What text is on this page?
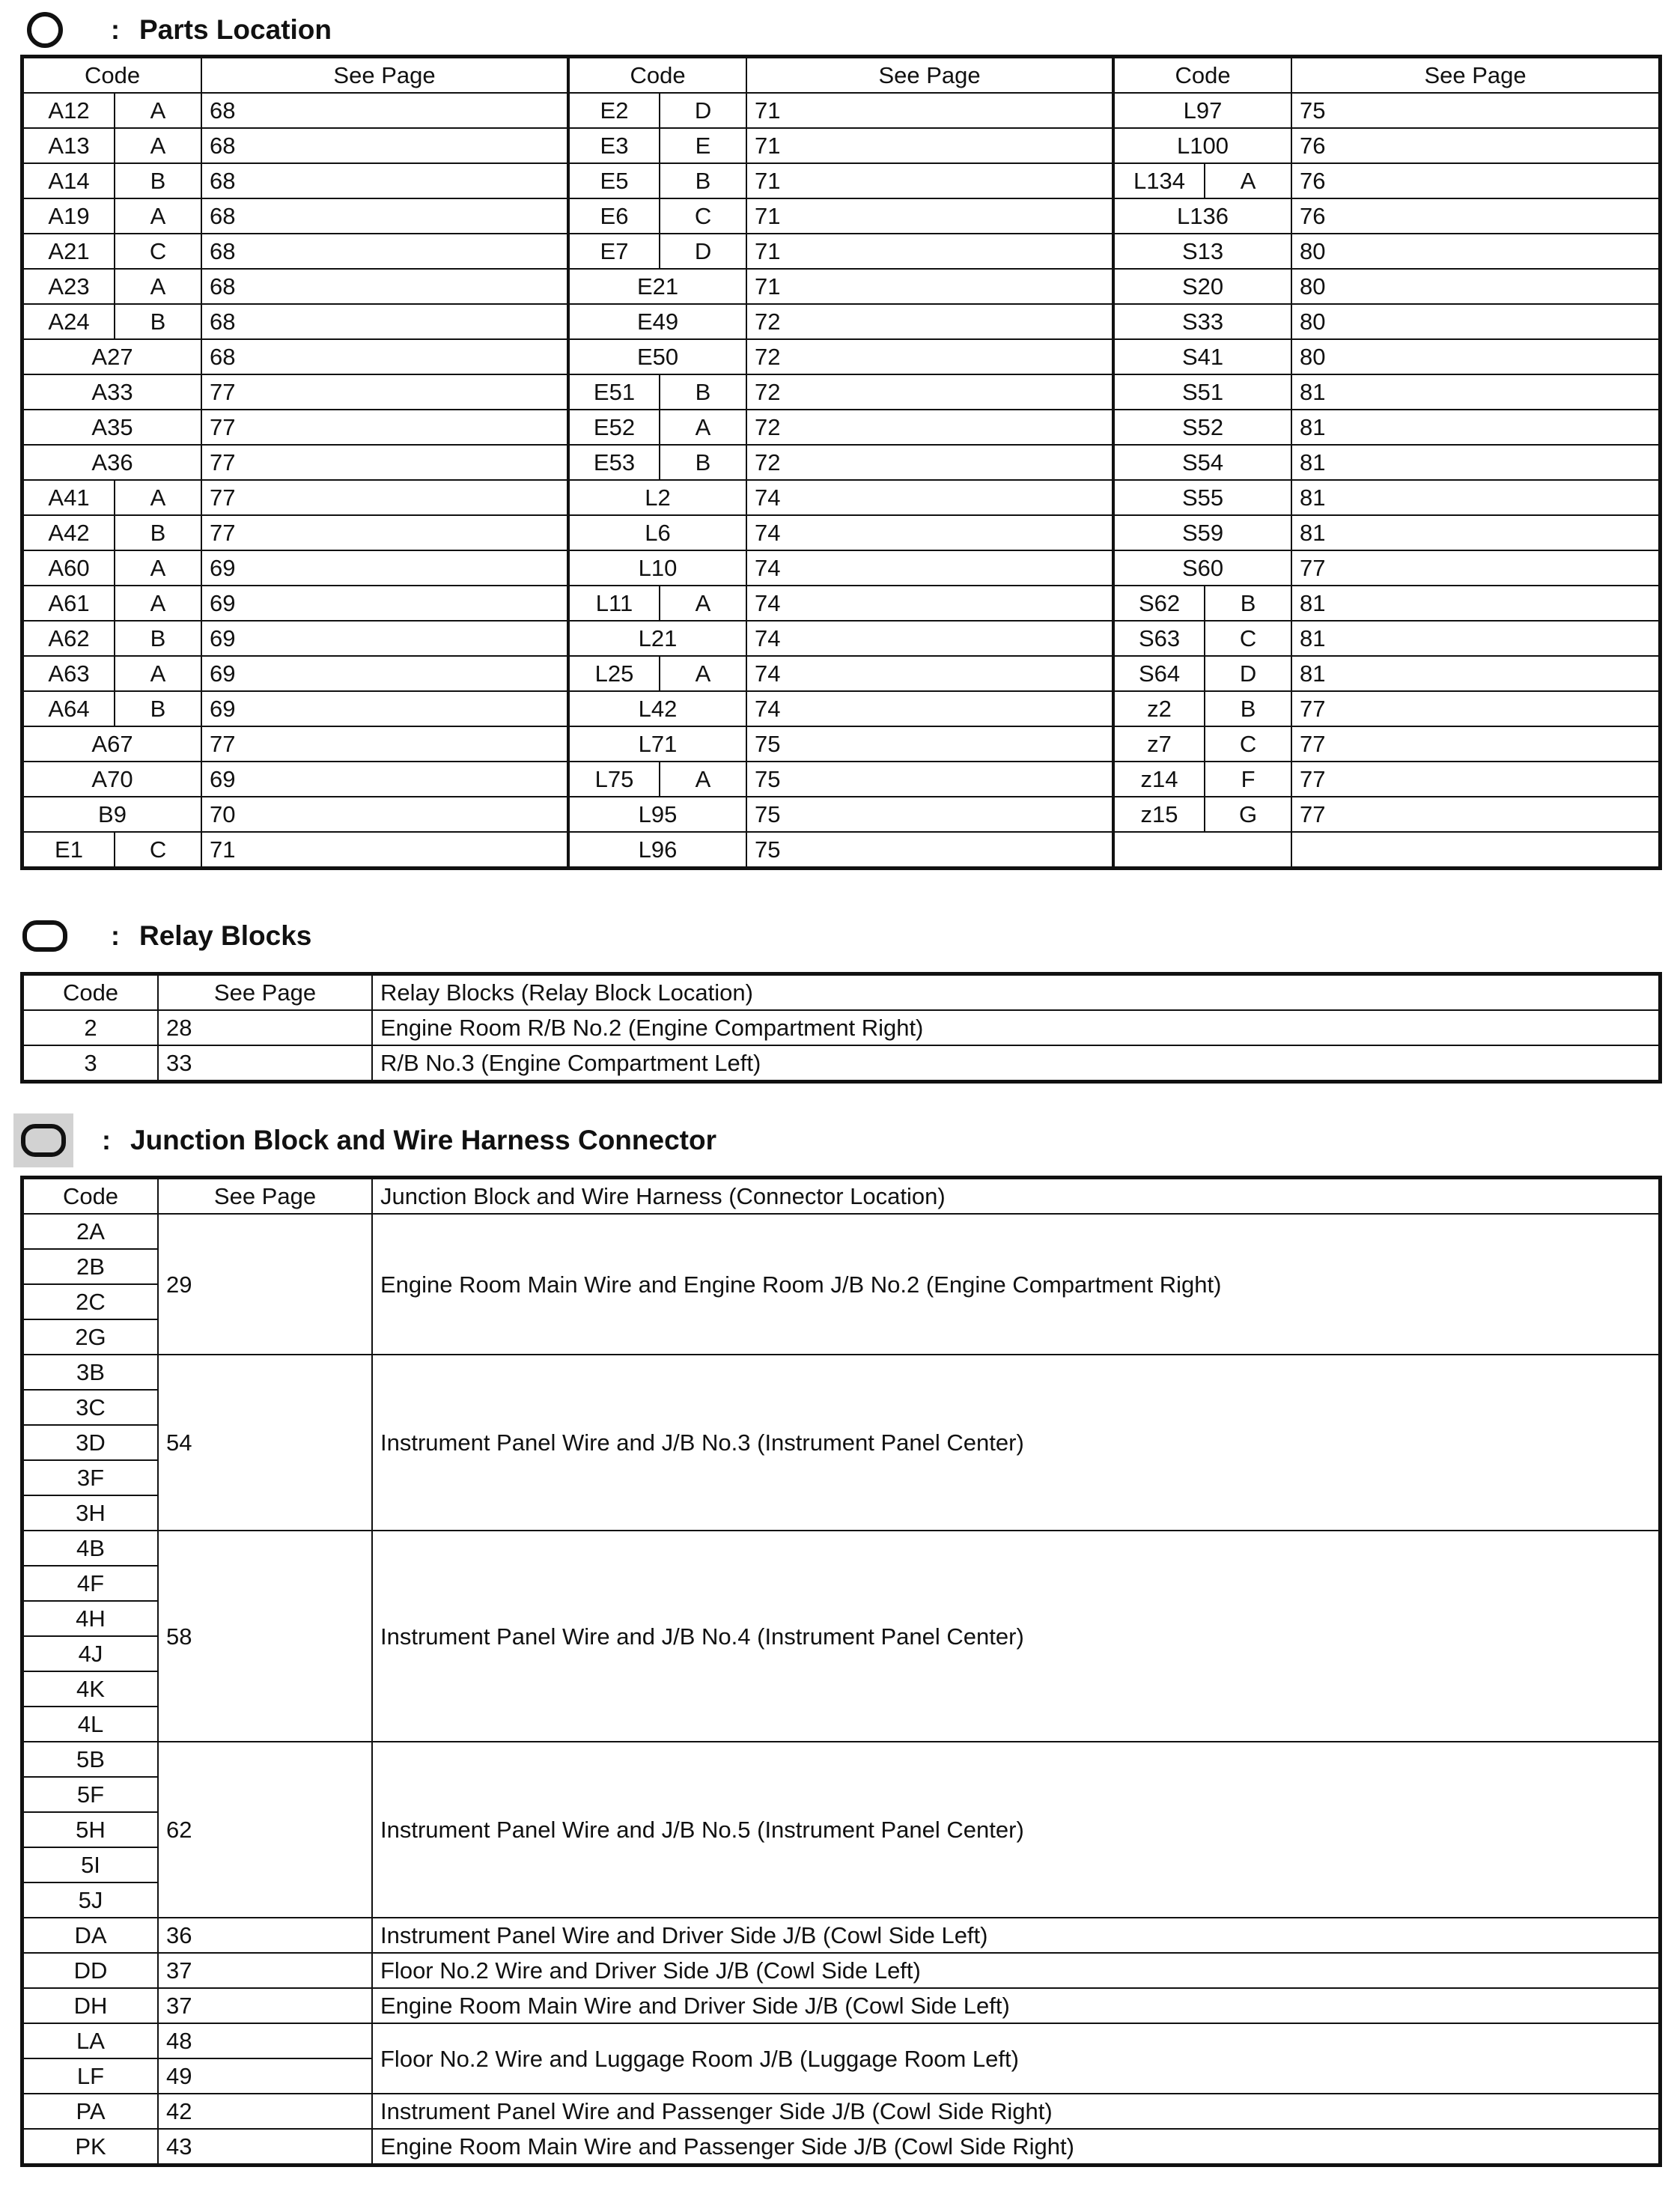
: Parts Location
Code		See Page	Code		See Page	Code		See Page
A12	A	68	E2	D	71	L97		75
A13	A	68	E3	E	71	L100		76
A14	B	68	E5	B	71	L134	A	76
A19	A	68	E6	C	71	L136		76
A21	C	68	E7	D	71	S13		80
A23	A	68	E21		71	S20		80
A24	B	68	E49		72	S33		80
A27		68	E50		72	S41		80
A33		77	E51	B	72	S51		81
A35		77	E52	A	72	S52		81
A36		77	E53	B	72	S54		81
A41	A	77	L2		74	S55		81
A42	B	77	L6		74	S59		81
A60	A	69	L10		74	S60		77
A61	A	69	L11	A	74	S62	B	81
A62	B	69	L21		74	S63	C	81
A63	A	69	L25	A	74	S64	D	81
A64	B	69	L42		74	z2	B	77
A67		77	L71		75	z7	C	77
A70		69	L75	A	75	z14	F	77
B9		70	L95		75	z15	G	77
E1	C	71	L96		75			
: Relay Blocks
Code	See Page	Relay Blocks (Relay Block Location)
2	28	Engine Room R/B No.2 (Engine Compartment Right)
3	33	R/B No.3 (Engine Compartment Left)
: Junction Block and Wire Harness Connector
Code	See Page	Junction Block and Wire Harness (Connector Location)
2A	29	Engine Room Main Wire and Engine Room J/B No.2 (Engine Compartment Right)
2B		
2C		
2G		
3B	54	Instrument Panel Wire and J/B No.3 (Instrument Panel Center)
3C		
3D		
3F		
3H		
4B	58	Instrument Panel Wire and J/B No.4 (Instrument Panel Center)
4F		
4H		
4J		
4K		
4L		
5B	62	Instrument Panel Wire and J/B No.5 (Instrument Panel Center)
5F		
5H		
5I		
5J		
DA	36	Instrument Panel Wire and Driver Side J/B (Cowl Side Left)
DD	37	Floor No.2 Wire and Driver Side J/B (Cowl Side Left)
DH	37	Engine Room Main Wire and Driver Side J/B (Cowl Side Left)
LA	48	Floor No.2 Wire and Luggage Room J/B (Luggage Room Left)
LF	49	
PA	42	Instrument Panel Wire and Passenger Side J/B (Cowl Side Right)
PK	43	Engine Room Main Wire and Passenger Side J/B (Cowl Side Right)
